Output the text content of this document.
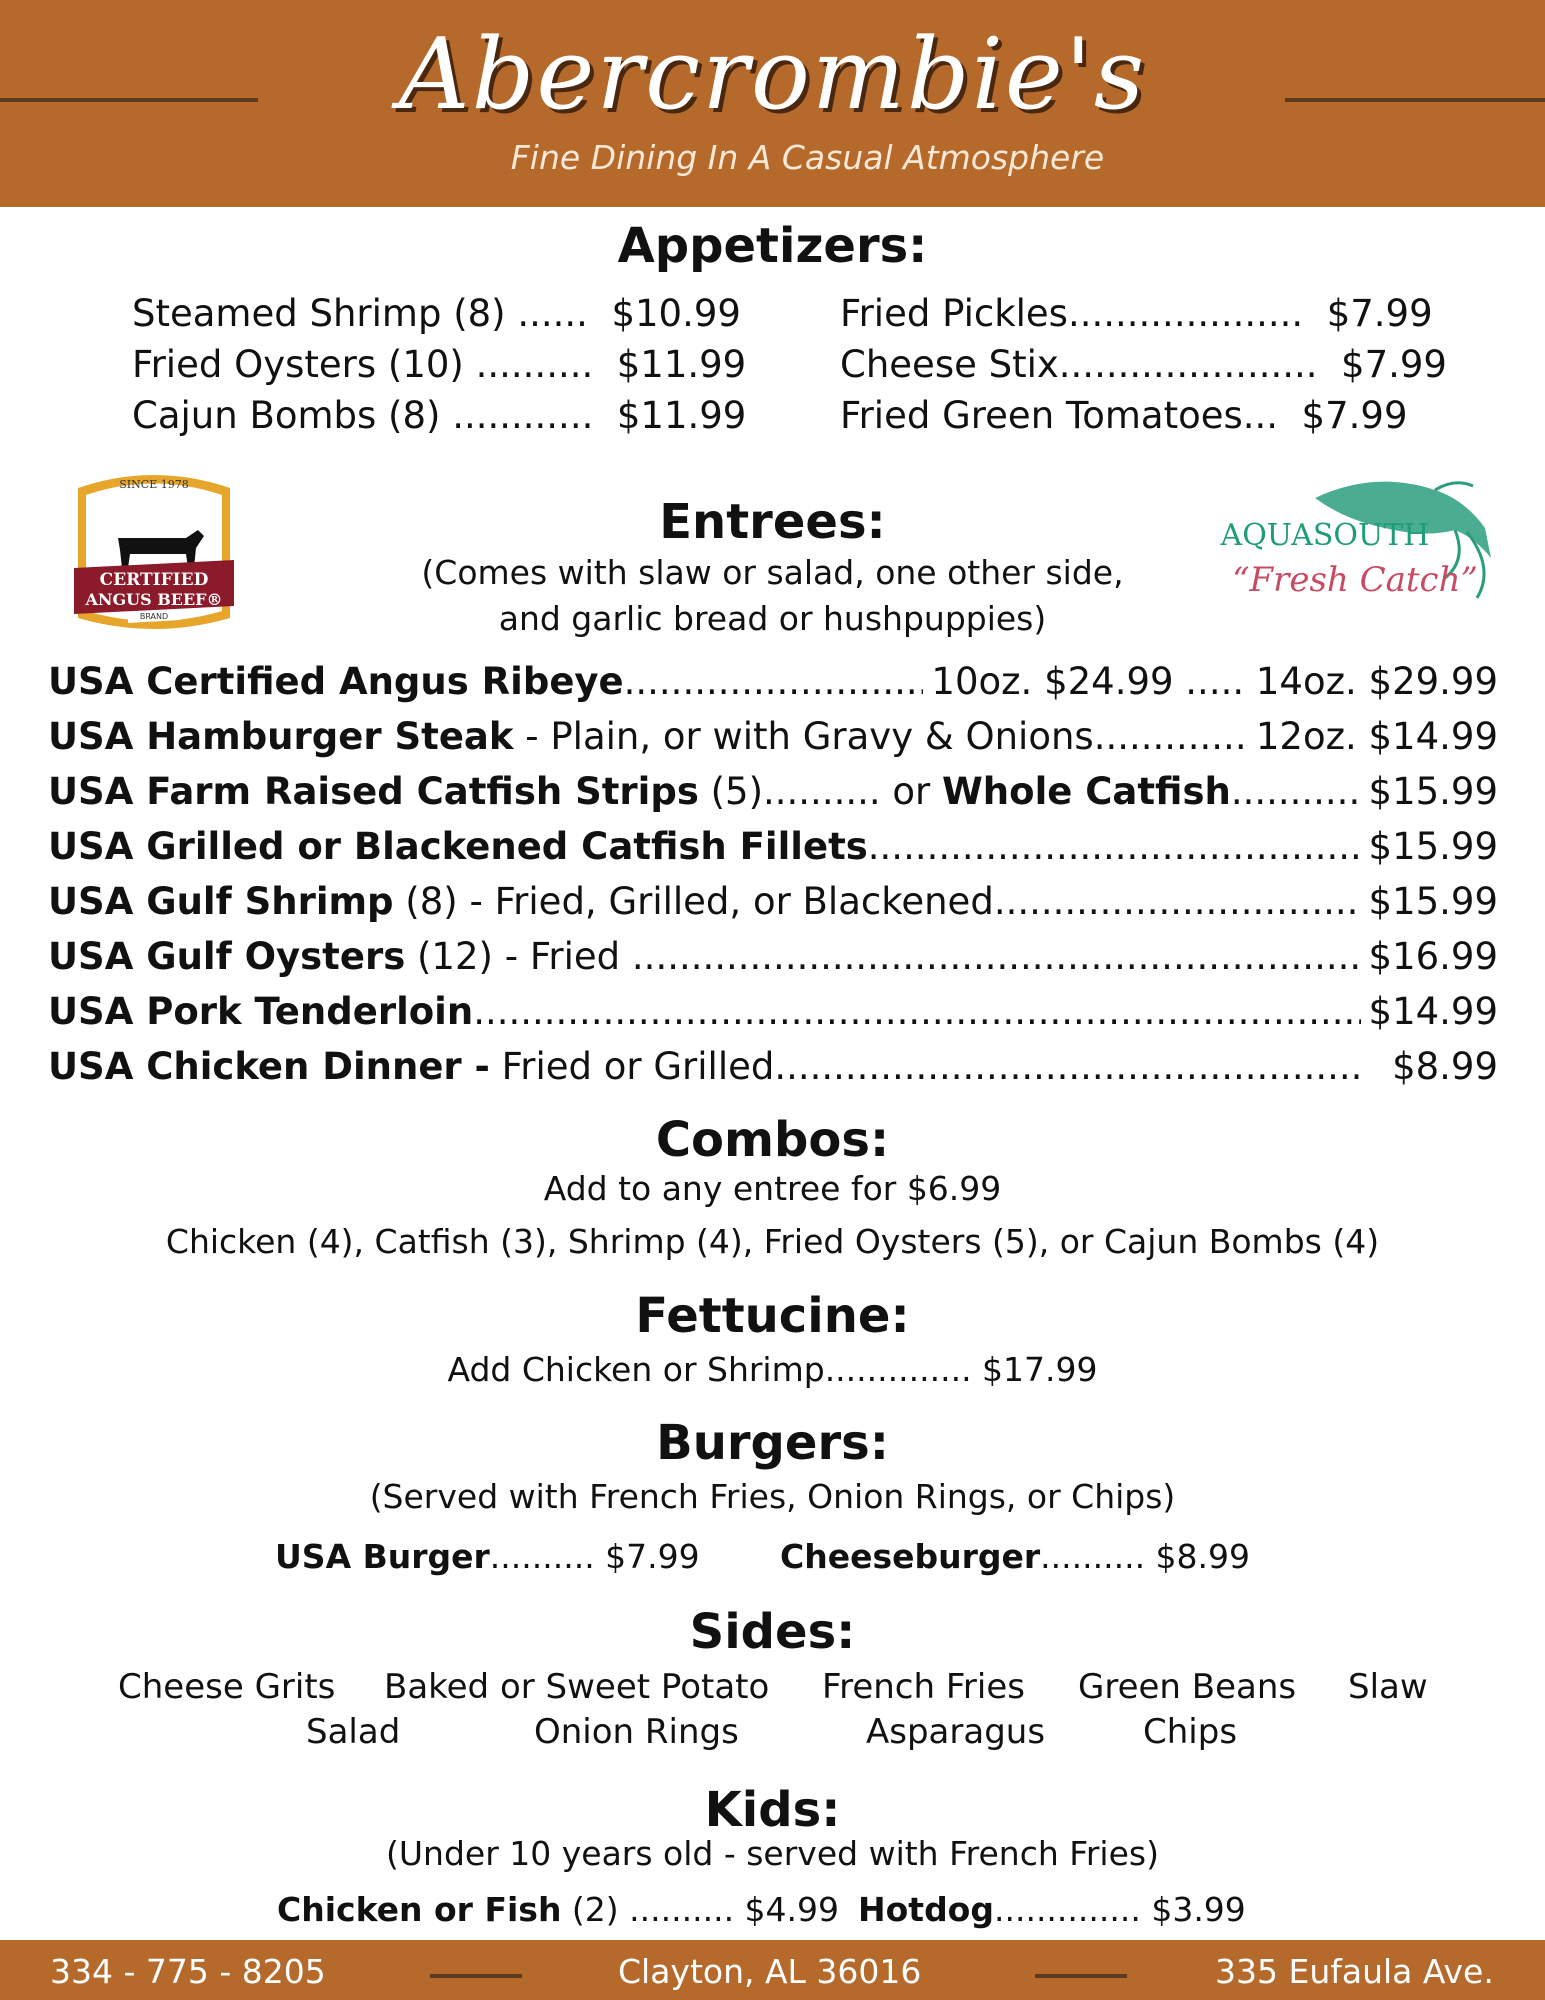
Abercrombie's
Fine Dining In A Casual Atmosphere
Appetizers:
Steamed Shrimp (8) ......  $10.99
Fried Oysters (10) ..........  $11.99
Cajun Bombs (8) ............  $11.99
Fried Pickles....................  $7.99
Cheese Stix......................  $7.99
Fried Green Tomatoes...  $7.99
SINCE 1978
CERTIFIED
ANGUS BEEF®
BRAND
AQUASOUTH
“Fresh Catch”
Entrees:
(Comes with slaw or salad, one other side,
and garlic bread or hushpuppies)
USA Certified Angus Ribeye .....	10oz. $24.99 ..... 14oz. $29.99
USA Hamburger Steak - Plain, or with Gravy & Onions .....	12oz. $14.99
USA Farm Raised Catfish Strips (5).......... or Whole Catfish .....	$15.99
USA Grilled or Blackened Catfish Fillets .....	$15.99
USA Gulf Shrimp (8) - Fried, Grilled, or Blackened .....	$15.99
USA Gulf Oysters (12) - Fried .....	$16.99
USA Pork Tenderloin .....	$14.99
USA Chicken Dinner - Fried or Grilled .....	$8.99
Combos:
Add to any entree for $6.99
Chicken (4), Catfish (3), Shrimp (4), Fried Oysters (5), or Cajun Bombs (4)
Fettucine:
Add Chicken or Shrimp.............. $17.99
Burgers:
(Served with French Fries, Onion Rings, or Chips)
USA Burger.......... $7.99 Cheeseburger.......... $8.99
Sides:
Cheese Grits Baked or Sweet Potato French Fries Green Beans Slaw
Salad	Onion Rings	Asparagus	Chips
Kids:
(Under 10 years old - served with French Fries)
Chicken or Fish (2) .......... $4.99 Hotdog.............. $3.99
334 - 775 - 8205	Clayton, AL 36016	335 Eufaula Ave.
